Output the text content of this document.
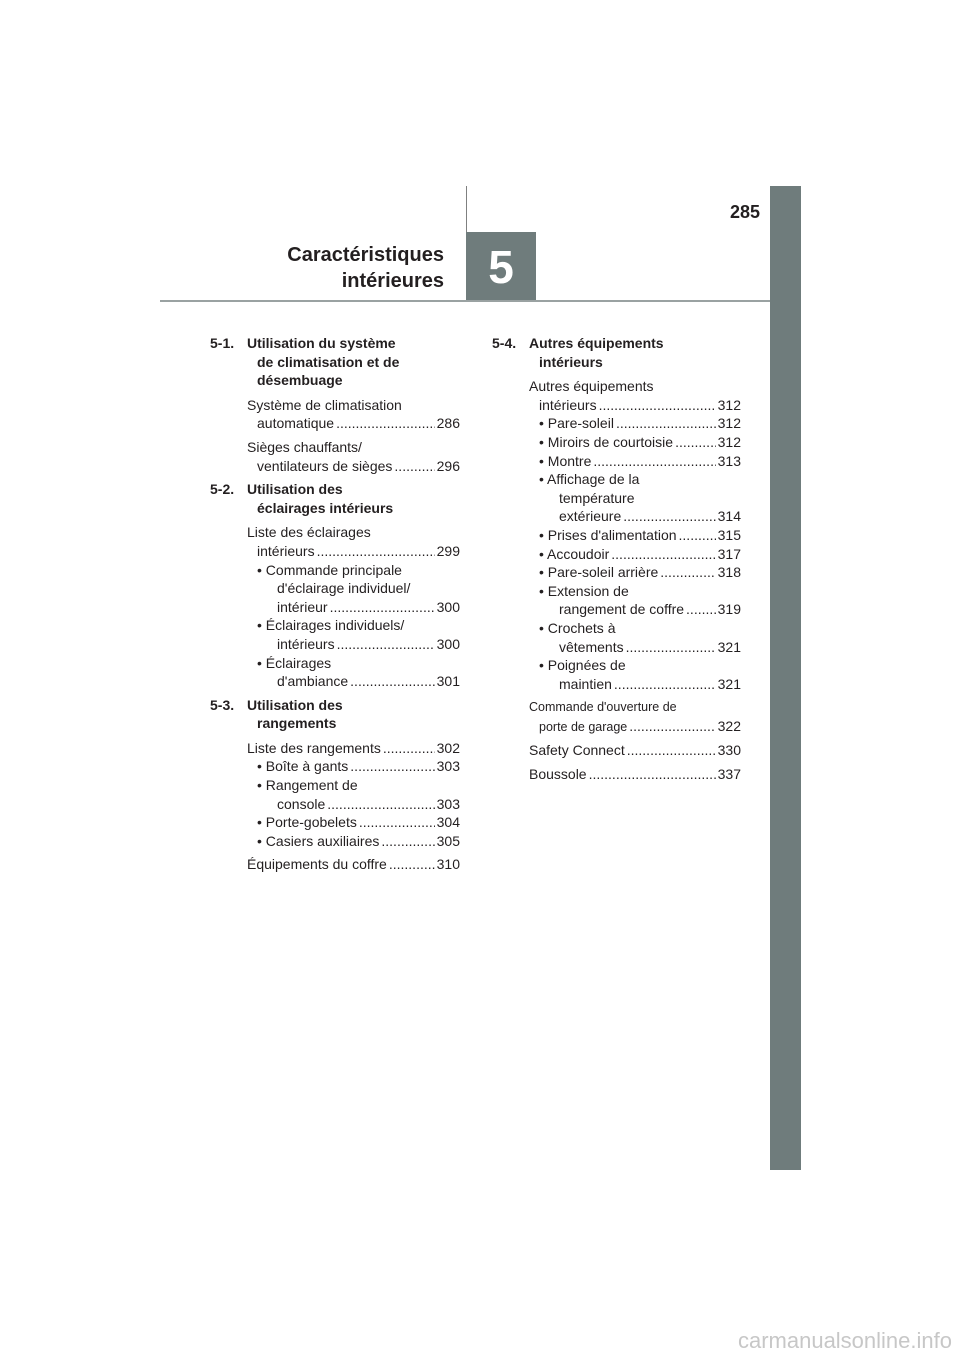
5
285
Caractéristiques
intérieures
5-1. Utilisation du système

de climatisation et de
désembuage
Système de climatisation
automatique .....	286
Sièges chauffants/
ventilateurs de sièges .....	296
5-2. Utilisation des

éclairages intérieurs
Liste des éclairages
intérieurs .....	299
• Commande principale
d'éclairage individuel/
intérieur .....	300
• Éclairages individuels/
intérieurs .....	300
• Éclairages
d'ambiance .....	301
5-3. Utilisation des

rangements
Liste des rangements .....	302
• Boîte à gants .....	303
• Rangement de
console .....	303
• Porte-gobelets .....	304
• Casiers auxiliaires .....	305
Équipements du coffre .....	310
5-4. Autres équipements

intérieurs
Autres équipements
intérieurs .....	312
• Pare-soleil .....	312
• Miroirs de courtoisie .....	312
• Montre .....	313
• Affichage de la
température
extérieure .....	314
• Prises d'alimentation .....	315
• Accoudoir .....	317
• Pare-soleil arrière .....	318
• Extension de
rangement de coffre ..... 319
• Crochets à
vêtements .....	321
• Poignées de
maintien .....	321
Commande d'ouverture de
porte de garage .....	322
Safety Connect .....	330
Boussole .....	337
carmanualsonline.info
